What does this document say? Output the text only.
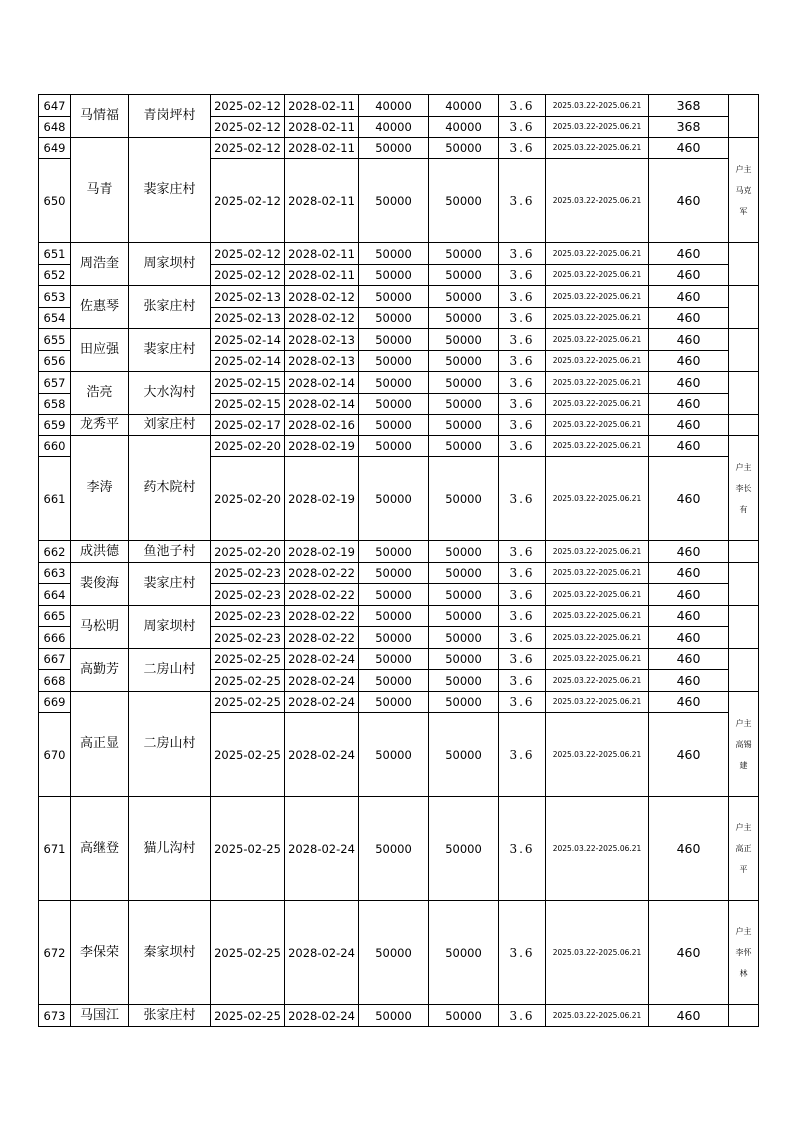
647	马情福	青岗坪村	2025-02-12	2028-02-11	40000	40000	3.6	2025.03.22-2025.06.21	368	
648			2025-02-12	2028-02-11	40000	40000	3.6	2025.03.22-2025.06.21	368	
649	马青	裴家庄村	2025-02-12	2028-02-11	50000	50000	3.6	2025.03.22-2025.06.21	460	户主马克军
650			2025-02-12	2028-02-11	50000	50000	3.6	2025.03.22-2025.06.21	460	
651	周浩奎	周家坝村	2025-02-12	2028-02-11	50000	50000	3.6	2025.03.22-2025.06.21	460	
652			2025-02-12	2028-02-11	50000	50000	3.6	2025.03.22-2025.06.21	460	
653	佐惠琴	张家庄村	2025-02-13	2028-02-12	50000	50000	3.6	2025.03.22-2025.06.21	460	
654			2025-02-13	2028-02-12	50000	50000	3.6	2025.03.22-2025.06.21	460	
655	田应强	裴家庄村	2025-02-14	2028-02-13	50000	50000	3.6	2025.03.22-2025.06.21	460	
656			2025-02-14	2028-02-13	50000	50000	3.6	2025.03.22-2025.06.21	460	
657	浩亮	大水沟村	2025-02-15	2028-02-14	50000	50000	3.6	2025.03.22-2025.06.21	460	
658			2025-02-15	2028-02-14	50000	50000	3.6	2025.03.22-2025.06.21	460	
659	龙秀平	刘家庄村	2025-02-17	2028-02-16	50000	50000	3.6	2025.03.22-2025.06.21	460	
660	李涛	药木院村	2025-02-20	2028-02-19	50000	50000	3.6	2025.03.22-2025.06.21	460	户主李长有
661			2025-02-20	2028-02-19	50000	50000	3.6	2025.03.22-2025.06.21	460	
662	成洪德	鱼池子村	2025-02-20	2028-02-19	50000	50000	3.6	2025.03.22-2025.06.21	460	
663	裴俊海	裴家庄村	2025-02-23	2028-02-22	50000	50000	3.6	2025.03.22-2025.06.21	460	
664			2025-02-23	2028-02-22	50000	50000	3.6	2025.03.22-2025.06.21	460	
665	马松明	周家坝村	2025-02-23	2028-02-22	50000	50000	3.6	2025.03.22-2025.06.21	460	
666			2025-02-23	2028-02-22	50000	50000	3.6	2025.03.22-2025.06.21	460	
667	高勤芳	二房山村	2025-02-25	2028-02-24	50000	50000	3.6	2025.03.22-2025.06.21	460	
668			2025-02-25	2028-02-24	50000	50000	3.6	2025.03.22-2025.06.21	460	
669	高正显	二房山村	2025-02-25	2028-02-24	50000	50000	3.6	2025.03.22-2025.06.21	460	户主高锡建
670			2025-02-25	2028-02-24	50000	50000	3.6	2025.03.22-2025.06.21	460	
671	高继登	猫儿沟村	2025-02-25	2028-02-24	50000	50000	3.6	2025.03.22-2025.06.21	460	户主高正平
672	李保荣	秦家坝村	2025-02-25	2028-02-24	50000	50000	3.6	2025.03.22-2025.06.21	460	户主李怀林
673	马国江	张家庄村	2025-02-25	2028-02-24	50000	50000	3.6	2025.03.22-2025.06.21	460	
